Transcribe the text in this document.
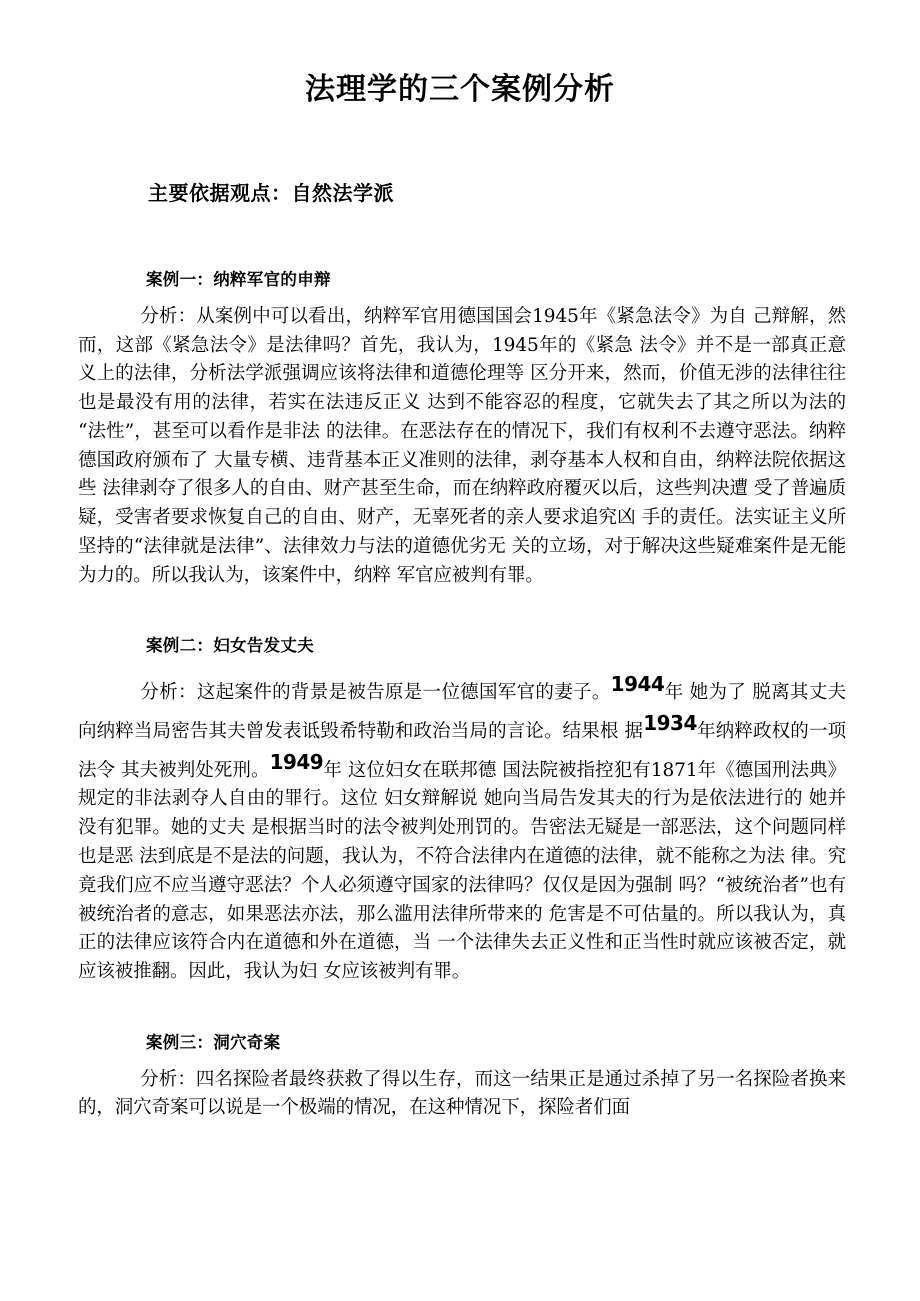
法理学的三个案例分析
主要依据观点：自然法学派
案例一：纳粹军官的申辩

分析：从案例中可以看出，纳粹军官用德国国会1945年《紧急法令》为自 己辩解，然而，这部《紧急法令》是法律吗？首先，我认为，1945年的《紧急 法令》并不是一部真正意义上的法律，分析法学派强调应该将法律和道德伦理等 区分开来，然而，价值无涉的法律往往也是最没有用的法律，若实在法违反正义 达到不能容忍的程度，它就失去了其之所以为法的“法性”，甚至可以看作是非法 的法律。在恶法存在的情况下，我们有权利不去遵守恶法。纳粹德国政府颁布了 大量专横、违背基本正义准则的法律，剥夺基本人权和自由，纳粹法院依据这些 法律剥夺了很多人的自由、财产甚至生命，而在纳粹政府覆灭以后，这些判决遭 受了普遍质疑，受害者要求恢复自己的自由、财产，无辜死者的亲人要求追究凶 手的责任。法实证主义所坚持的“法律就是法律”、法律效力与法的道德优劣无 关的立场，对于解决这些疑难案件是无能为力的。所以我认为，该案件中，纳粹 军官应被判有罪。

案例二：妇女告发丈夫

分析：这起案件的背景是被告原是一位德国军官的妻子。1944年 她为了 脱离其丈夫 向纳粹当局密告其夫曾发表诋毁希特勒和政治当局的言论。结果根 据1934年纳粹政权的一项法令 其夫被判处死刑。1949年 这位妇女在联邦德 国法院被指控犯有1871年《德国刑法典》规定的非法剥夺人自由的罪行。这位 妇女辩解说 她向当局告发其夫的行为是依法进行的 她并没有犯罪。她的丈夫 是根据当时的法令被判处刑罚的。告密法无疑是一部恶法，这个问题同样也是恶 法到底是不是法的问题，我认为，不符合法律内在道德的法律，就不能称之为法 律。究竟我们应不应当遵守恶法？个人必须遵守国家的法律吗？仅仅是因为强制 吗？“被统治者”也有被统治者的意志，如果恶法亦法，那么滥用法律所带来的 危害是不可估量的。所以我认为，真正的法律应该符合内在道德和外在道德，当 一个法律失去正义性和正当性时就应该被否定，就应该被推翻。因此，我认为妇 女应该被判有罪。

案例三：洞穴奇案

分析：四名探险者最终获救了得以生存，而这一结果正是通过杀掉了另一名探险者换来的，洞穴奇案可以说是一个极端的情况，在这种情况下，探险者们面
